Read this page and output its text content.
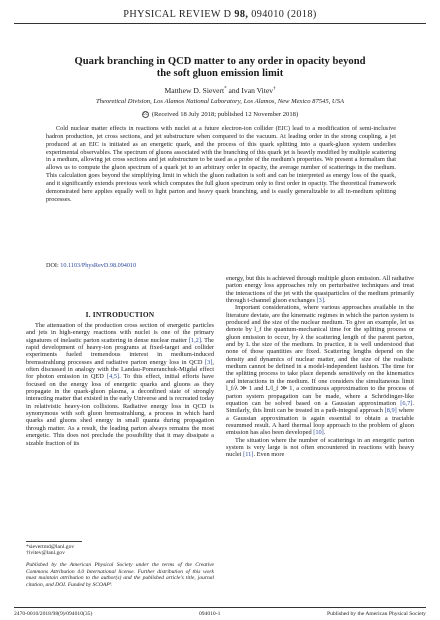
PHYSICAL REVIEW D 98, 094010 (2018)
Quark branching in QCD matter to any order in opacity beyond
the soft gluon emission limit
Matthew D. Sievert* and Ivan Vitev†
Theoretical Division, Los Alamos National Laboratory, Los Alamos, New Mexico 87545, USA
cc (Received 18 July 2018; published 12 November 2018)
Cold nuclear matter effects in reactions with nuclei at a future electron-ion collider (EIC) lead to a modification of semi-inclusive hadron production, jet cross sections, and jet substructure when compared to the vacuum. At leading order in the strong coupling, a jet produced at an EIC is initiated as an energetic quark, and the process of this quark splitting into a quark-gluon system underlies experimental observables. The spectrum of gluons associated with the branching of this quark jet is heavily modified by multiple scattering in a medium, allowing jet cross sections and jet substructure to be used as a probe of the medium's properties. We present a formalism that allows us to compute the gluon spectrum of a quark jet to an arbitrary order in opacity, the average number of scatterings in the medium. This calculation goes beyond the simplifying limit in which the gluon radiation is soft and can be interpreted as energy loss of the quark, and it significantly extends previous work which computes the full gluon spectrum only to first order in opacity. The theoretical framework demonstrated here applies equally well to light parton and heavy quark branching, and is easily generalizable to all in-medium splitting processes.
DOI: 10.1103/PhysRevD.98.094010
I. INTRODUCTION

The attenuation of the production cross section of energetic particles and jets in high-energy reactions with nuclei is one of the primary signatures of inelastic parton scattering in dense nuclear matter [1,2]. The rapid development of heavy-ion programs at fixed-target and collider experiments fueled tremendous interest in medium-induced bremsstrahlung processes and radiative parton energy loss in QCD [3], often discussed in analogy with the Landau-Pomeranchuk-Migdal effect for photon emission in QED [4,5]. To this effect, initial efforts have focused on the energy loss of energetic quarks and gluons as they propagate in the quark-gluon plasma, a deconfined state of strongly interacting matter that existed in the early Universe and is recreated today in relativistic heavy-ion collisions. Radiative energy loss in QCD is synonymous with soft gluon bremsstrahlung, a process in which hard quarks and gluons shed energy in small quanta during propagation through matter. As a result, the leading parton always remains the most energetic. This does not preclude the possibility that it may dissipate a sizable fraction of its

energy, but this is achieved through multiple gluon emission. All radiative parton energy loss approaches rely on perturbative techniques and treat the interactions of the jet with the quasiparticles of the medium primarily through t-channel gluon exchanges [3].

Important considerations, where various approaches available in the literature deviate, are the kinematic regimes in which the parton system is produced and the size of the nuclear medium. To give an example, let us denote by l_f the quantum-mechanical time for the splitting process or gluon emission to occur, by λ the scattering length of the parent parton, and by L the size of the medium. In practice, it is well understood that none of those quantities are fixed. Scattering lengths depend on the density and dynamics of nuclear matter, and the size of the realistic medium cannot be defined in a model-independent fashion. The time for the splitting process to take place depends sensitively on the kinematics and interactions in the medium. If one considers the simultaneous limit l_f/λ ≫ 1 and L/l_f ≫ 1, a continuous approximation to the process of parton system propagation can be made, where a Schrödinger-like equation can be solved based on a Gaussian approximation [6,7]. Similarly, this limit can be treated in a path-integral approach [8,9] where a Gaussian approximation is again essential to obtain a tractable resummed result. A hard thermal loop approach to the problem of gluon emission has also been developed [10].

The situation where the number of scatterings in an energetic parton system is very large is not often encountered in reactions with heavy nuclei [11]. Even more

*sievertmd@lanl.gov
†ivitev@lanl.gov
Published by the American Physical Society under the terms of the Creative Commons Attribution 4.0 International license. Further distribution of this work must maintain attribution to the author(s) and the published article's title, journal citation, and DOI. Funded by SCOAP³.
2470-0010/2018/98(9)/094010(35)	094010-1	Published by the American Physical Society
